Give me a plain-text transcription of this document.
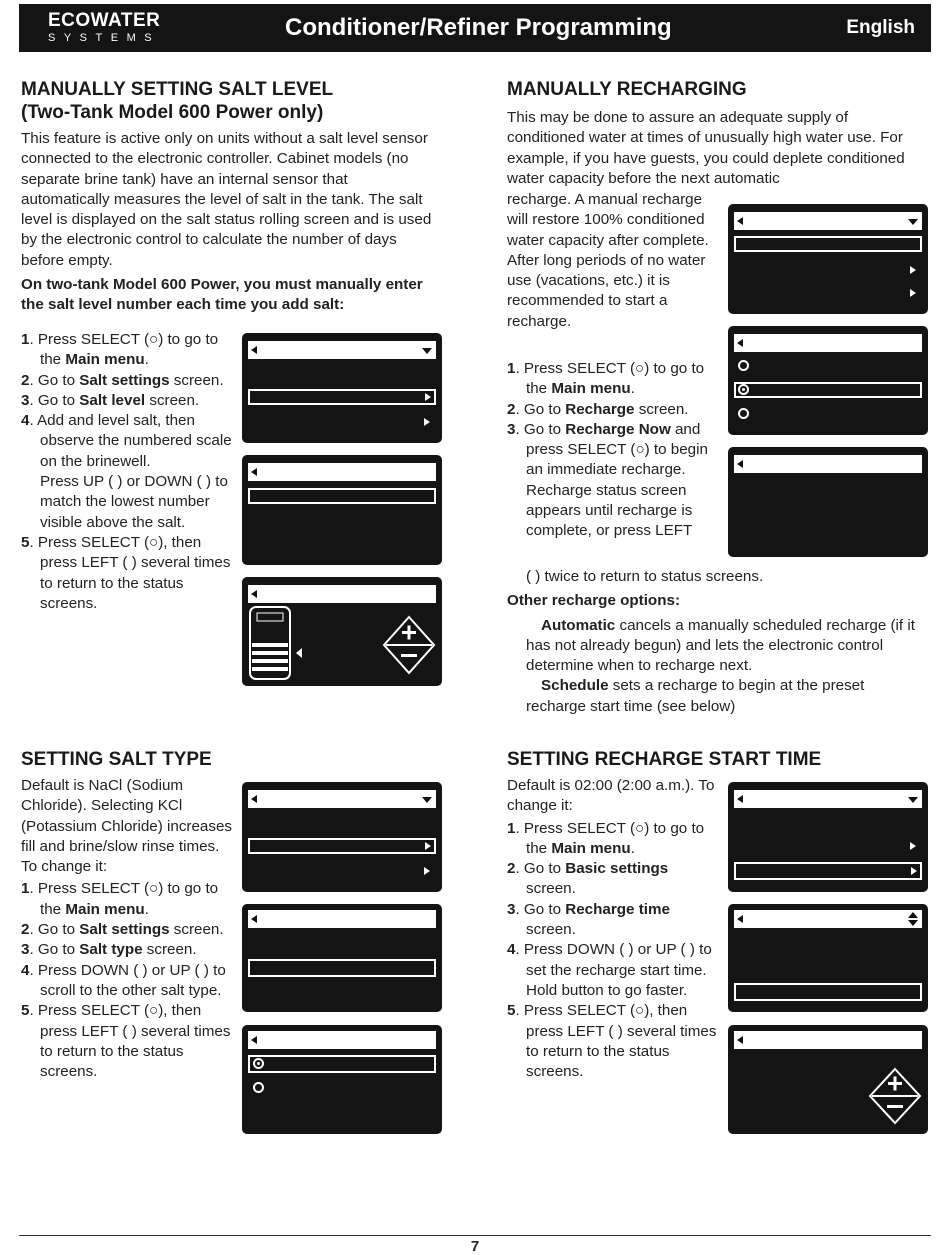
ECOWATER
SYSTEMS	Conditioner/Refiner Programming	English
MANUALLY SETTING SALT LEVEL
(Two-Tank Model 600 Power only)

This feature is active only on units without a salt level sensor connected to the electronic controller. Cabinet models (no separate brine tank) have an internal sensor that automatically measures the level of salt in the tank. The salt level is displayed on the salt status rolling screen and is used by the electronic control to calculate the number of days before empty.

On two-tank Model 600 Power, you must manually enter the salt level number each time you add salt:

1. Press SELECT (○) to go to the Main menu.
2. Go to Salt settings screen.
3. Go to Salt level screen.
4. Add and level salt, then observe the numbered scale on the brinewell.
Press UP ( ) or DOWN ( ) to match the lowest number visible above the salt.
5. Press SELECT (○), then press LEFT ( ) several times to return to the status screens.
MANUALLY RECHARGING

This may be done to assure an adequate supply of conditioned water at times of unusually high water use. For example, if you have guests, you could deplete conditioned water capacity before the next automatic

recharge. A manual recharge will restore 100% conditioned water capacity after complete. After long periods of no water use (vacations, etc.) it is recommended to start a recharge.

1. Press SELECT (○) to go to the Main menu.
2. Go to Recharge screen.
3. Go to Recharge Now and press SELECT (○) to begin an immediate recharge. Recharge status screen appears until recharge is complete, or press LEFT

( ) twice to return to status screens.

Other recharge options:

Automatic cancels a manually scheduled recharge (if it has not already begun) and lets the electronic control determine when to recharge next.

Schedule sets a recharge to begin at the preset recharge start time (see below)

SETTING SALT TYPE

Default is NaCl (Sodium Chloride). Selecting KCl (Potassium Chloride) increases fill and brine/slow rinse times. To change it:

1. Press SELECT (○) to go to the Main menu.
2. Go to Salt settings screen.
3. Go to Salt type screen.
4. Press DOWN ( ) or UP ( ) to scroll to the other salt type.
5. Press SELECT (○), then press LEFT ( ) several times to return to the status screens.
SETTING RECHARGE START TIME

Default is 02:00 (2:00 a.m.). To change it:

1. Press SELECT (○) to go to the Main menu.
2. Go to Basic settings screen.
3. Go to Recharge time screen.
4. Press DOWN ( ) or UP ( ) to set the recharge start time. Hold button to go faster.
5. Press SELECT (○), then press LEFT ( ) several times to return to the status screens.
7
